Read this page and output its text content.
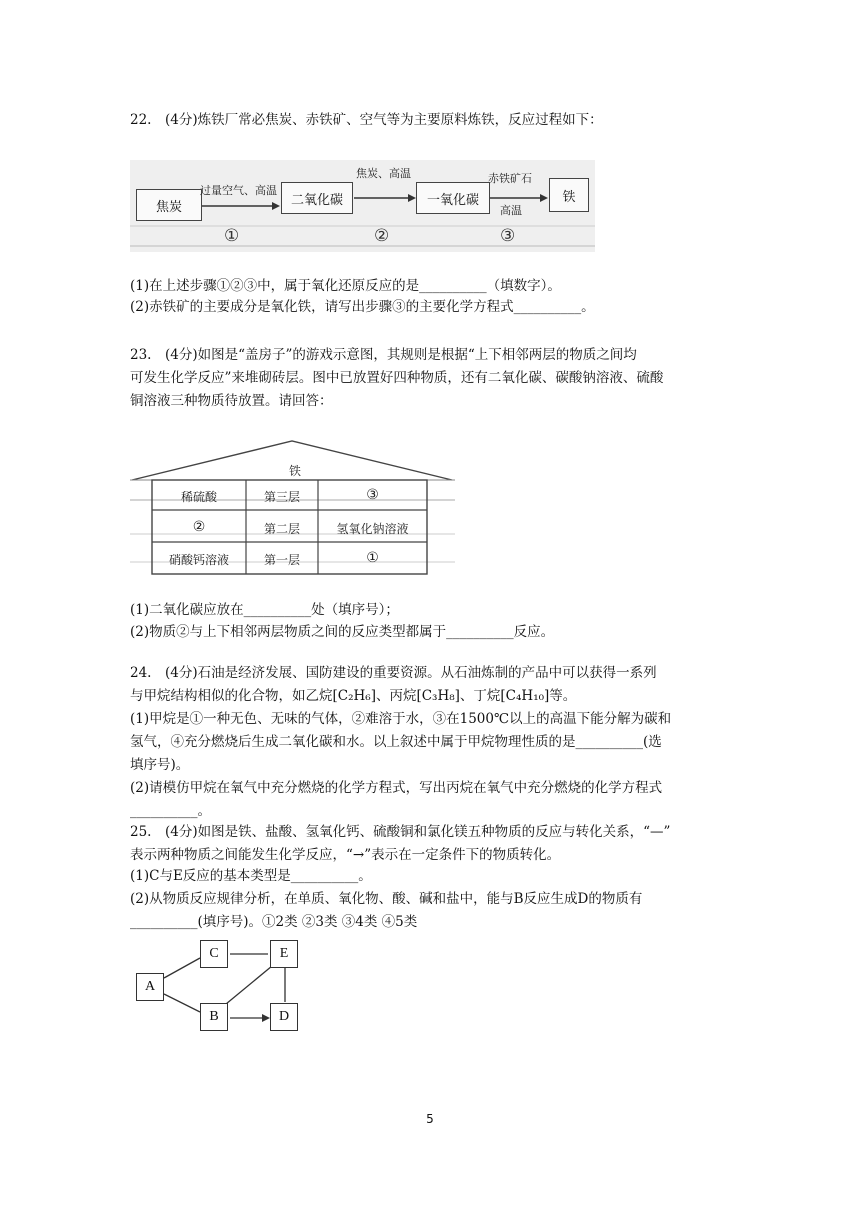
22.　(4分)炼铁厂常必焦炭、赤铁矿、空气等为主要原料炼铁，反应过程如下：
焦炭	二氧化碳	一氧化碳	铁
过量空气、高温
焦炭、高温	赤铁矿石
高温
①	②	③
(1)在上述步骤①②③中，属于氧化还原反应的是__________（填数字）。
(2)赤铁矿的主要成分是氧化铁，请写出步骤③的主要化学方程式__________。
23.　(4分)如图是“盖房子”的游戏示意图，其规则是根据“上下相邻两层的物质之间均
可发生化学反应”来堆砌砖层。图中已放置好四种物质，还有二氧化碳、碳酸钠溶液、硫酸
铜溶液三种物质待放置。请回答：
铁
稀硫酸	第三层	③
②	第二层	氢氧化钠溶液
硝酸钙溶液	第一层	①
(1)二氧化碳应放在__________处（填序号）；
(2)物质②与上下相邻两层物质之间的反应类型都属于__________反应。
24.　(4分)石油是经济发展、国防建设的重要资源。从石油炼制的产品中可以获得一系列
与甲烷结构相似的化合物，如乙烷[C₂H₆]、丙烷[C₃H₈]、丁烷[C₄H₁₀]等。
(1)甲烷是①一种无色、无味的气体，②难溶于水，③在1500℃以上的高温下能分解为碳和
氢气，④充分燃烧后生成二氧化碳和水。以上叙述中属于甲烷物理性质的是__________(选
填序号)。
(2)请模仿甲烷在氧气中充分燃烧的化学方程式，写出丙烷在氧气中充分燃烧的化学方程式
__________。
25.　(4分)如图是铁、盐酸、氢氧化钙、硫酸铜和氯化镁五种物质的反应与转化关系，“—”
表示两种物质之间能发生化学反应，“→”表示在一定条件下的物质转化。
(1)C与E反应的基本类型是__________。
(2)从物质反应规律分析，在单质、氧化物、酸、碱和盐中，能与B反应生成D的物质有
__________(填序号)。①2类 ②3类 ③4类 ④5类
A
C	E
B	D
5
